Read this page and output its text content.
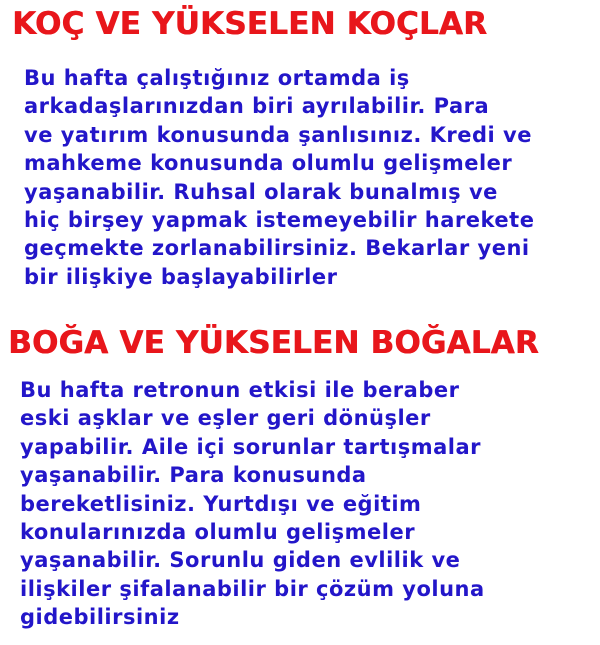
KOÇ VE YÜKSELEN KOÇLAR
Bu hafta çalıştığınız ortamda iş
arkadaşlarınızdan biri ayrılabilir. Para
ve yatırım konusunda şanlısınız. Kredi ve
mahkeme konusunda olumlu gelişmeler
yaşanabilir. Ruhsal olarak bunalmış ve
hiç birşey yapmak istemeyebilir harekete
geçmekte zorlanabilirsiniz. Bekarlar yeni
bir ilişkiye başlayabilirler
BOĞA VE YÜKSELEN BOĞALAR
Bu hafta retronun etkisi ile beraber
eski aşklar ve eşler geri dönüşler
yapabilir. Aile içi sorunlar tartışmalar
yaşanabilir. Para konusunda
bereketlisiniz. Yurtdışı ve eğitim
konularınızda olumlu gelişmeler
yaşanabilir. Sorunlu giden evlilik ve
ilişkiler şifalanabilir bir çözüm yoluna
gidebilirsiniz
